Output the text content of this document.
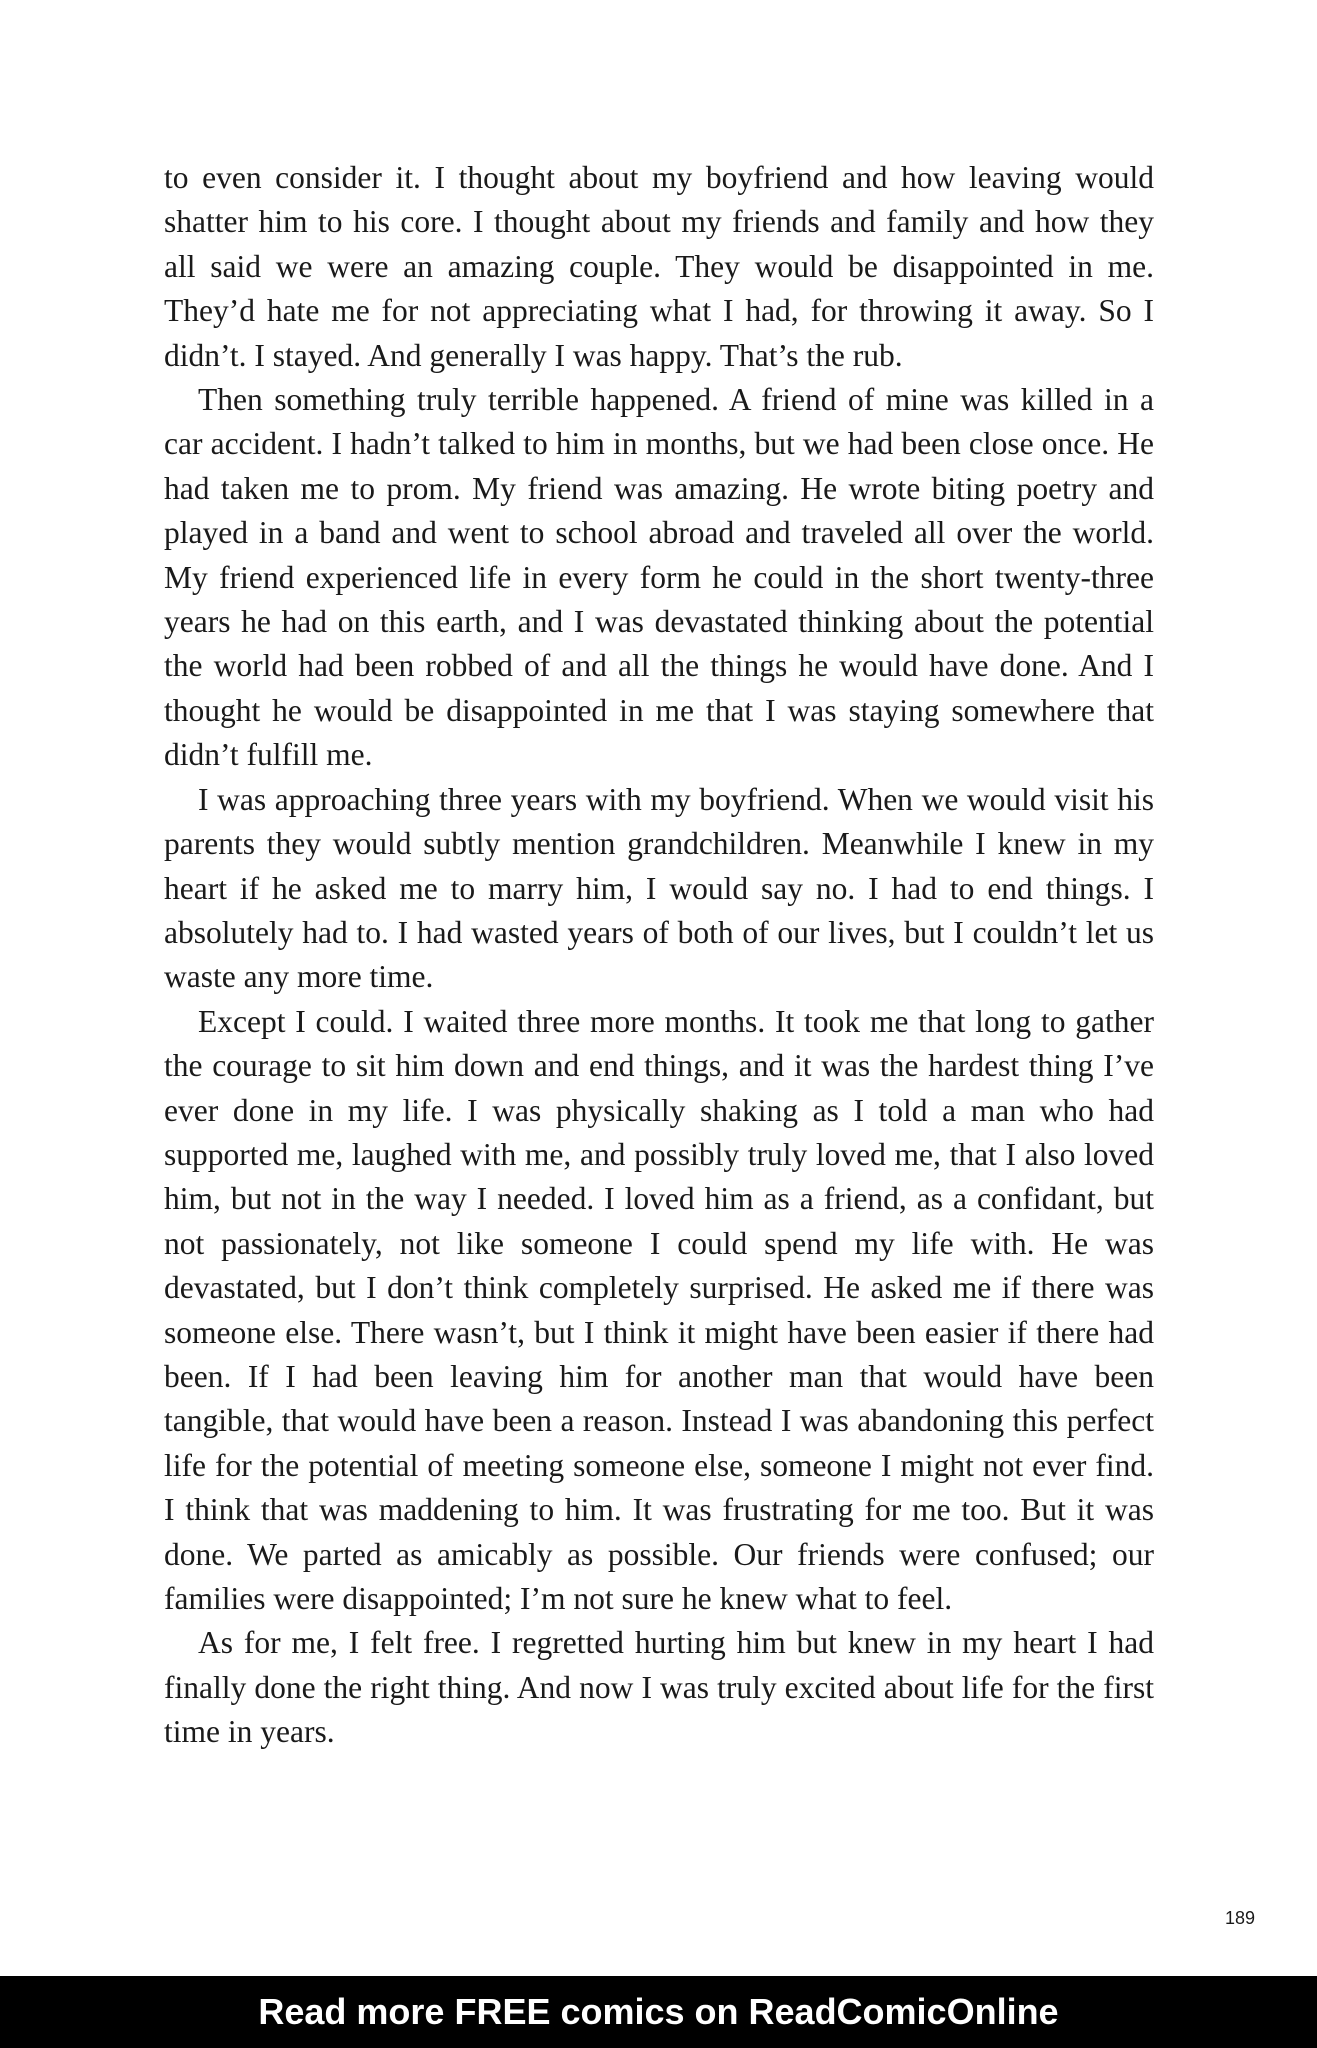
to even consider it. I thought about my boyfriend and how leaving would shatter him to his core. I thought about my friends and family and how they all said we were an amazing couple. They would be disappointed in me. They’d hate me for not appreciating what I had, for throwing it away. So I didn’t. I stayed. And generally I was happy. That’s the rub.

Then something truly terrible happened. A friend of mine was killed in a car accident. I hadn’t talked to him in months, but we had been close once. He had taken me to prom. My friend was amazing. He wrote biting poetry and played in a band and went to school abroad and traveled all over the world. My friend experienced life in every form he could in the short twenty-three years he had on this earth, and I was devastated thinking about the potential the world had been robbed of and all the things he would have done. And I thought he would be disappointed in me that I was staying somewhere that didn’t fulfill me.

I was approaching three years with my boyfriend. When we would visit his parents they would subtly mention grandchildren. Meanwhile I knew in my heart if he asked me to marry him, I would say no. I had to end things. I absolutely had to. I had wasted years of both of our lives, but I couldn’t let us waste any more time.

Except I could. I waited three more months. It took me that long to gather the courage to sit him down and end things, and it was the hardest thing I’ve ever done in my life. I was physically shaking as I told a man who had supported me, laughed with me, and possibly truly loved me, that I also loved him, but not in the way I needed. I loved him as a friend, as a confidant, but not passionately, not like someone I could spend my life with. He was devastated, but I don’t think completely surprised. He asked me if there was someone else. There wasn’t, but I think it might have been easier if there had been. If I had been leaving him for another man that would have been tangible, that would have been a reason. Instead I was abandoning this perfect life for the potential of meeting someone else, someone I might not ever find. I think that was maddening to him. It was frustrating for me too. But it was done. We parted as amicably as possible. Our friends were confused; our families were disappointed; I’m not sure he knew what to feel.

As for me, I felt free. I regretted hurting him but knew in my heart I had finally done the right thing. And now I was truly excited about life for the first time in years.

189
Read more FREE comics on ReadComicOnline
